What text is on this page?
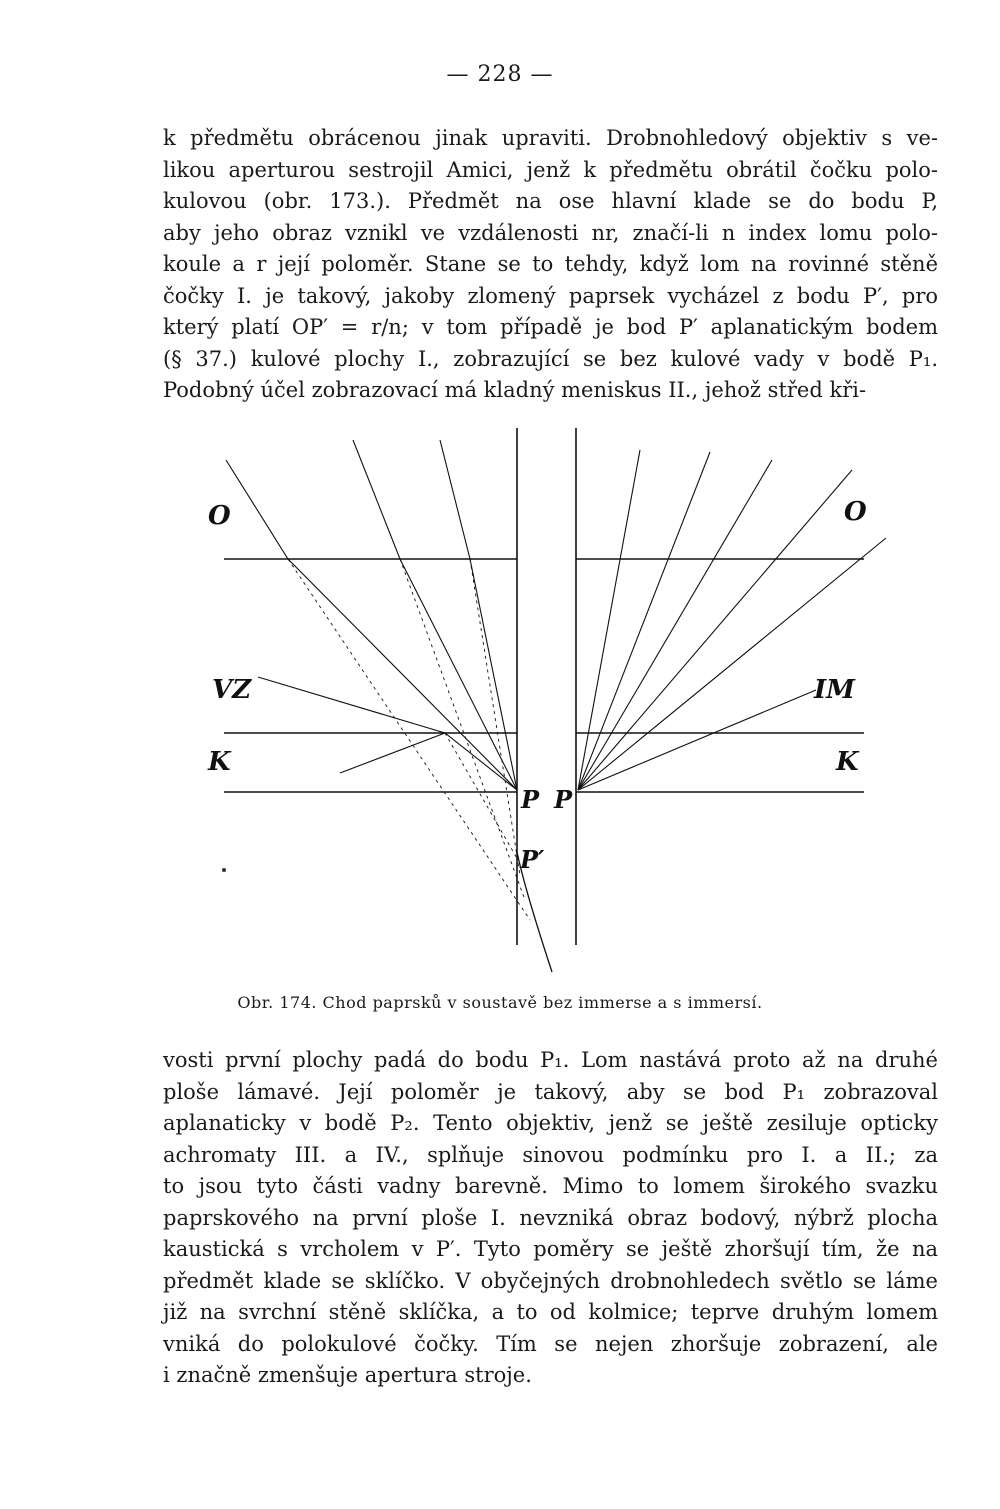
— 228 —
k předmětu obrácenou jinak upraviti. Drobnohledový objektiv s ve-
likou aperturou sestrojil Amici, jenž k předmětu obrátil čočku polo-
kulovou (obr. 173.). Předmět na ose hlavní klade se do bodu P,
aby jeho obraz vznikl ve vzdálenosti nr, značí-li n index lomu polo-
koule a r její poloměr. Stane se to tehdy, když lom na rovinné stěně
čočky I. je takový, jakoby zlomený paprsek vycházel z bodu P′, pro
který platí OP′ = r/n; v tom případě je bod P′ aplanatickým bodem
(§ 37.) kulové plochy I., zobrazující se bez kulové vady v bodě P₁.
Podobný účel zobrazovací má kladný meniskus II., jehož střed kři-
O	O
VZ	IM
K	K
P P
P′
Obr. 174. Chod paprsků v soustavě bez immerse a s immersí.
vosti první plochy padá do bodu P₁. Lom nastává proto až na druhé
ploše lámavé. Její poloměr je takový, aby se bod P₁ zobrazoval
aplanaticky v bodě P₂. Tento objektiv, jenž se ještě zesiluje opticky
achromaty III. a IV., splňuje sinovou podmínku pro I. a II.; za
to jsou tyto části vadny barevně. Mimo to lomem širokého svazku
paprskového na první ploše I. nevzniká obraz bodový, nýbrž plocha
kaustická s vrcholem v P′. Tyto poměry se ještě zhoršují tím, že na
předmět klade se sklíčko. V obyčejných drobnohledech světlo se láme
již na svrchní stěně sklíčka, a to od kolmice; teprve druhým lomem
vniká do polokulové čočky. Tím se nejen zhoršuje zobrazení, ale
i značně zmenšuje apertura stroje.
